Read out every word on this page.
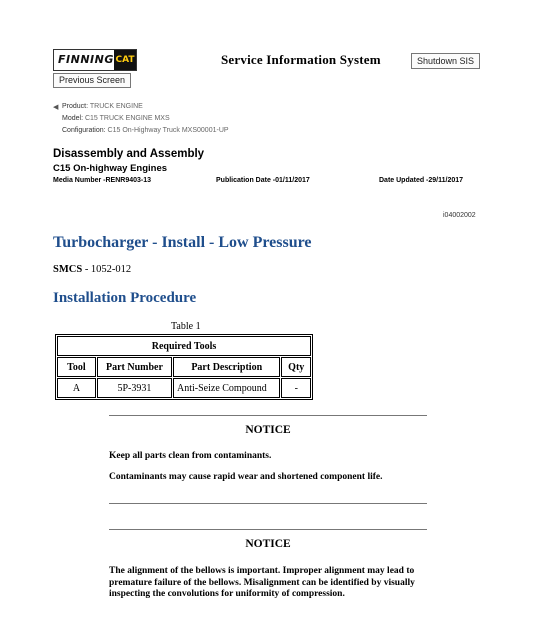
FINNING CAT	Service Information System	Shutdown SIS
Previous Screen
◀ Product: TRUCK ENGINE
Model: C15 TRUCK ENGINE MXS
Configuration: C15 On-Highway Truck MXS00001-UP
Disassembly and Assembly
C15 On-highway Engines
Media Number -RENR9403-13	Publication Date -01/11/2017	Date Updated -29/11/2017
i04002002
Turbocharger - Install - Low Pressure
SMCS - 1052-012
Installation Procedure
Table 1
Required Tools			
Tool	Part Number	Part Description	Qty
A	5P-3931	Anti-Seize Compound	-
NOTICE
Keep all parts clean from contaminants.
Contaminants may cause rapid wear and shortened component life.
NOTICE
The alignment of the bellows is important. Improper alignment may lead to premature failure of the bellows. Misalignment can be identified by visually inspecting the convolutions for uniformity of compression.
